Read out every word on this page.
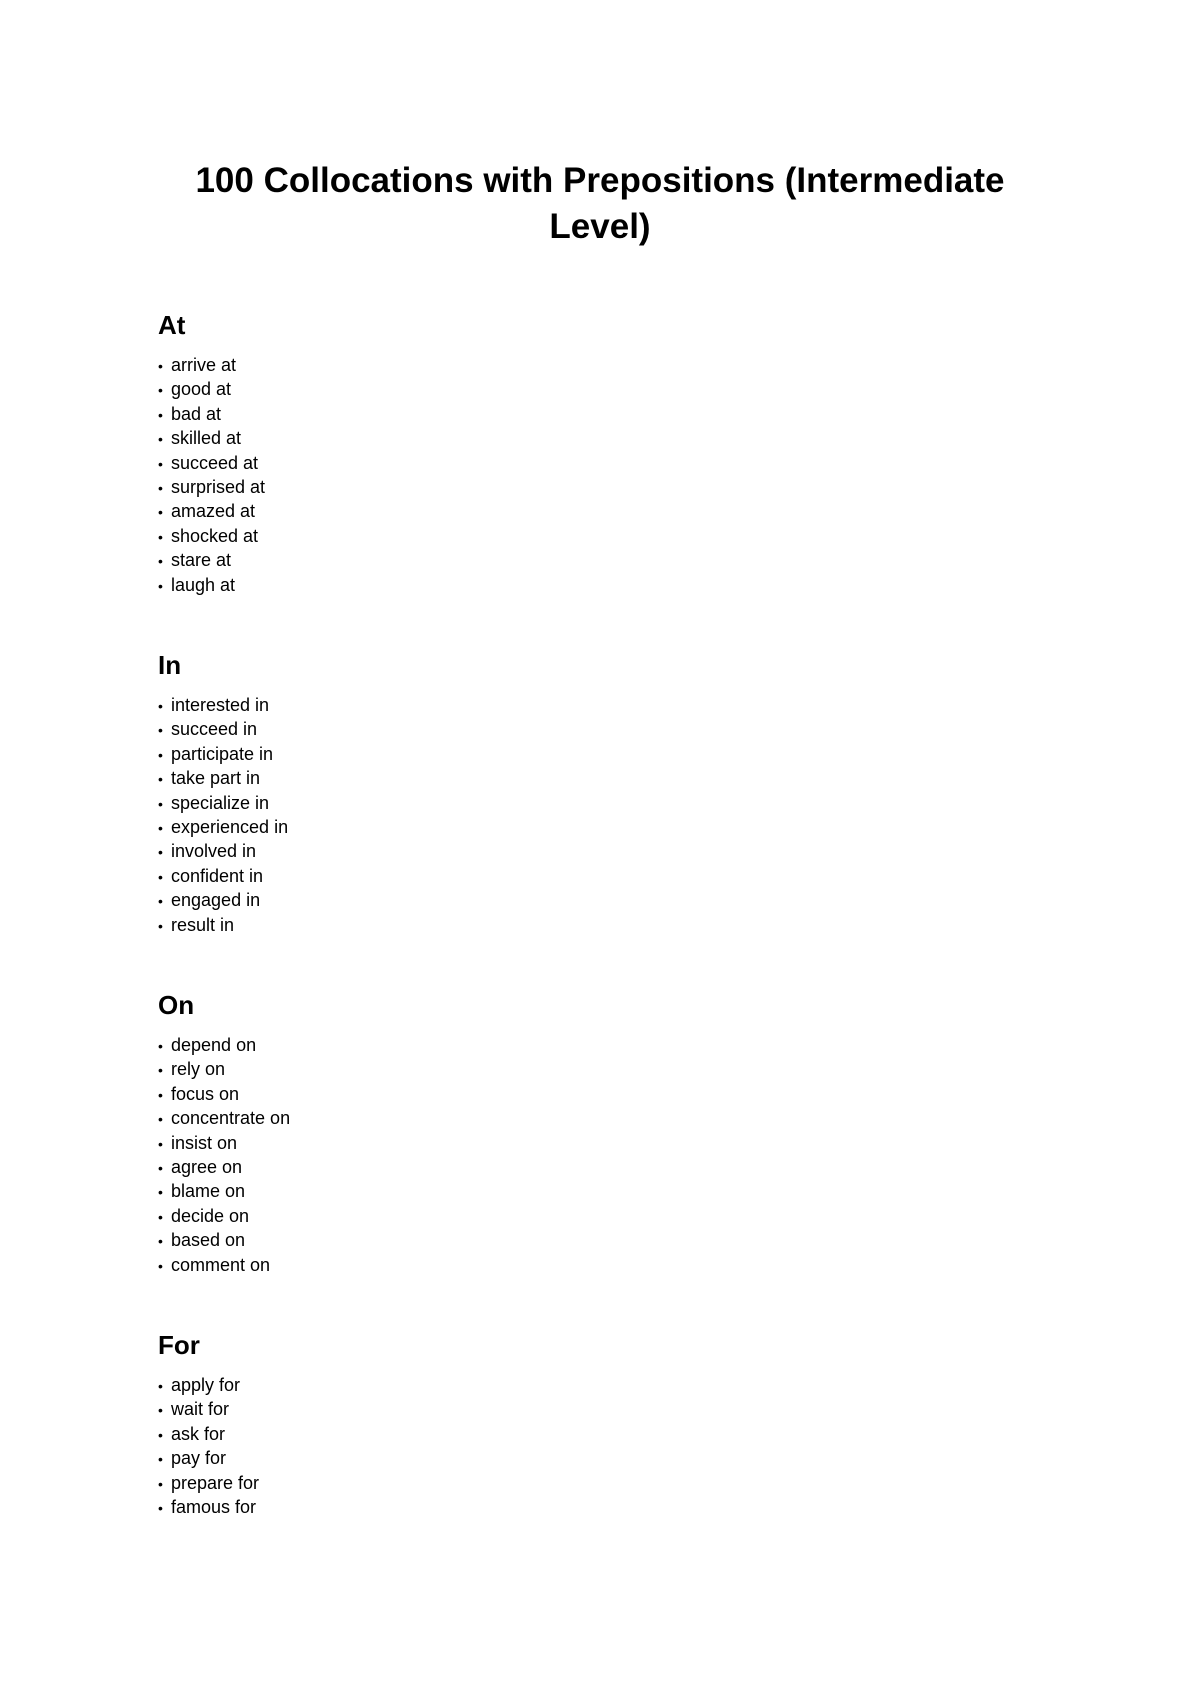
100 Collocations with Prepositions (Intermediate Level)
At
• arrive at
• good at
• bad at
• skilled at
• succeed at
• surprised at
• amazed at
• shocked at
• stare at
• laugh at
In
• interested in
• succeed in
• participate in
• take part in
• specialize in
• experienced in
• involved in
• confident in
• engaged in
• result in
On
• depend on
• rely on
• focus on
• concentrate on
• insist on
• agree on
• blame on
• decide on
• based on
• comment on
For
• apply for
• wait for
• ask for
• pay for
• prepare for
• famous for
